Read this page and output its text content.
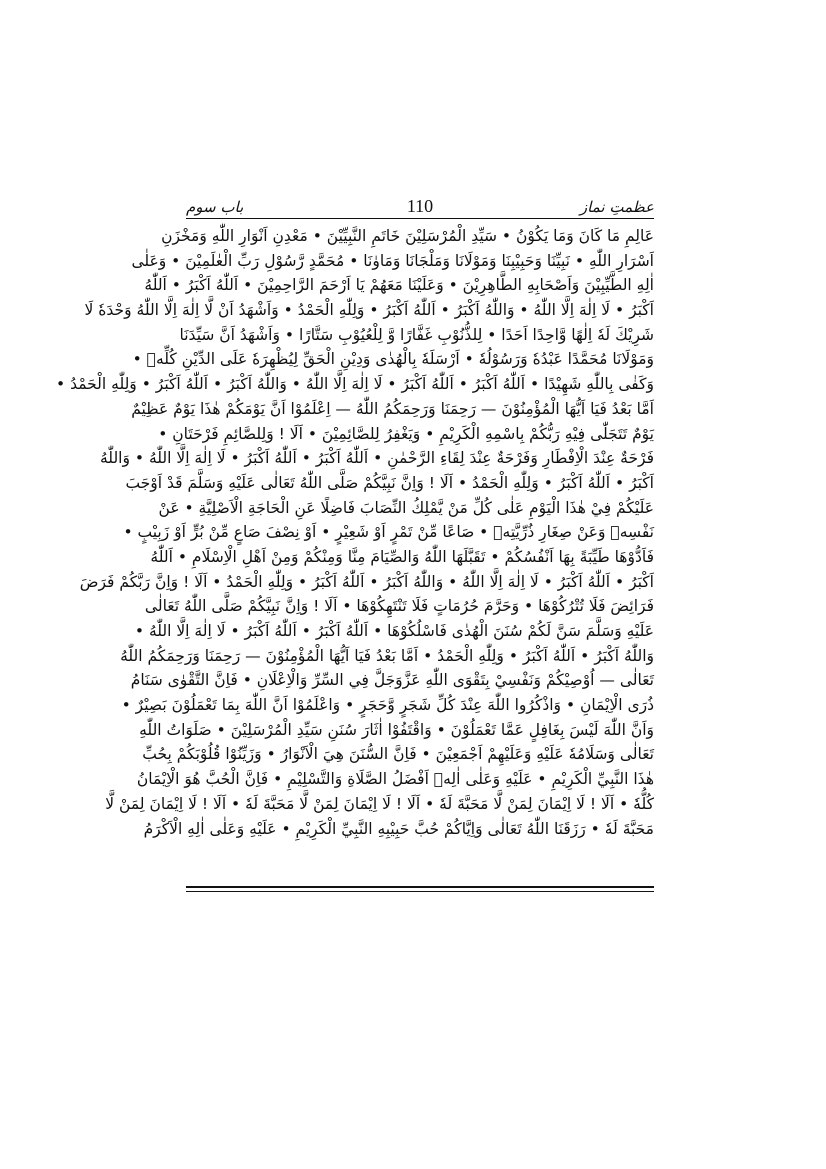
باب سوم	110	عظمتِ نماز
عَالِمِ مَا كَانَ وَمَا يَكُوْنُ • سَيِّدِ الْمُرْسَلِيْنَ خَاتَمِ النَّبِيِّيْنَ • مَعْدِنِ اَنْوَارِ اللّٰهِ وَمَخْزَنِ
اَسْرَارِ اللّٰهِ • نَبِيِّنَا وَحَبِيْبِنَا وَمَوْلَانَا وَمَلْجَانَا وَمَاوٰنَا • مُحَمَّدٍ رَّسُوْلِ رَبِّ الْعٰلَمِيْنَ • وَعَلٰى
اٰلِهِ الطَّيِّبِيْنَ وَاَصْحَابِهِ الطَّاهِرِيْنَ • وَعَلَيْنَا مَعَهُمْ يَا اَرْحَمَ الرَّاحِمِيْنَ • اَللّٰهُ اَكْبَرُ • اَللّٰهُ
اَكْبَرُ • لَا اِلٰهَ اِلَّا اللّٰهُ • وَاللّٰهُ اَكْبَرُ • اَللّٰهُ اَكْبَرُ • وَلِلّٰهِ الْحَمْدُ • وَاَشْهَدُ اَنْ لَّا اِلٰهَ اِلَّا اللّٰهُ وَحْدَهٗ لَا
شَرِيْكَ لَهٗ اِلٰهًا وَّاحِدًا اَحَدًا • لِلذُّنُوْبِ غَفَّارًا وَّ لِلْعُيُوْبِ سَتَّارًا • وَاَشْهَدُ اَنَّ سَيِّدَنَا
وَمَوْلَانَا مُحَمَّدًا عَبْدُهٗ وَرَسُوْلُهٗ • اَرْسَلَهٗ بِالْهُدٰى وَدِيْنِ الْحَقِّ لِيُظْهِرَهٗ عَلَى الدِّيْنِ كُلِّهٖ •
وَكَفٰى بِاللّٰهِ شَهِيْدًا • اَللّٰهُ اَكْبَرُ • اَللّٰهُ اَكْبَرُ • لَا اِلٰهَ اِلَّا اللّٰهُ • وَاللّٰهُ اَكْبَرُ • اَللّٰهُ اَكْبَرُ • وَلِلّٰهِ الْحَمْدُ •
اَمَّا بَعْدُ فَيَا اَيُّهَا الْمُؤْمِنُوْنَ — رَحِمَنَا وَرَحِمَكُمُ اللّٰهُ — اِعْلَمُوْا اَنَّ يَوْمَكُمْ هٰذَا يَوْمٌ عَظِيْمٌ
يَوْمٌ تَتَجَلّٰى فِيْهِ رَبُّكُمْ بِاسْمِهِ الْكَرِيْمِ • وَيَغْفِرُ لِلصَّائِمِيْنَ • اَلَا ! وَلِلصَّائِمِ فَرْحَتَانِ •
فَرْحَةٌ عِنْدَ الْاِفْطَارِ وَفَرْحَةٌ عِنْدَ لِقَاءِ الرَّحْمٰنِ • اَللّٰهُ اَكْبَرُ • اَللّٰهُ اَكْبَرُ • لَا اِلٰهَ اِلَّا اللّٰهُ • وَاللّٰهُ
اَكْبَرُ • اَللّٰهُ اَكْبَرُ • وَلِلّٰهِ الْحَمْدُ • اَلَا ! وَاِنَّ نَبِيَّكُمْ صَلَّى اللّٰهُ تَعَالٰى عَلَيْهِ وَسَلَّمَ قَدْ اَوْجَبَ
عَلَيْكُمْ فِيْ هٰذَا الْيَوْمِ عَلٰى كُلِّ مَنْ يَّمْلِكُ النِّصَابَ فَاضِلًا عَنِ الْحَاجَةِ الْاَصْلِيَّةِ • عَنْ
نَفْسِهٖ وَعَنْ صِغَارِ ذُرِّيَّتِهٖ • صَاعًا مِّنْ تَمْرٍ اَوْ شَعِيْرٍ • اَوْ نِصْفَ صَاعٍ مِّنْ بُرٍّ اَوْ زَبِيْبٍ •
فَاَدُّوْهَا طَيِّبَةً بِهَا اَنْفُسُكُمْ • تَقَبَّلَهَا اللّٰهُ وَالصِّيَامَ مِنَّا وَمِنْكُمْ وَمِنْ اَهْلِ الْاِسْلَامِ • اَللّٰهُ
اَكْبَرُ • اَللّٰهُ اَكْبَرُ • لَا اِلٰهَ اِلَّا اللّٰهُ • وَاللّٰهُ اَكْبَرُ • اَللّٰهُ اَكْبَرُ • وَلِلّٰهِ الْحَمْدُ • اَلَا ! وَاِنَّ رَبَّكُمْ فَرَضَ
فَرَائِضَ فَلَا تُتْرُكُوْهَا • وَحَرَّمَ حُرُمَاتٍ فَلَا تَنْتَهِكُوْهَا • اَلَا ! وَاِنَّ نَبِيَّكُمْ صَلَّى اللّٰهُ تَعَالٰى
عَلَيْهِ وَسَلَّمَ سَنَّ لَكُمْ سُنَنَ الْهُدٰى فَاسْلُكُوْهَا • اَللّٰهُ اَكْبَرُ • اَللّٰهُ اَكْبَرُ • لَا اِلٰهَ اِلَّا اللّٰهُ •
وَاللّٰهُ اَكْبَرُ • اَللّٰهُ اَكْبَرُ • وَلِلّٰهِ الْحَمْدُ • اَمَّا بَعْدُ فَيَا اَيُّهَا الْمُؤْمِنُوْنَ — رَحِمَنَا وَرَحِمَكُمُ اللّٰهُ
تَعَالٰى — اُوْصِيْكُمْ وَنَفْسِيْ بِتَقْوَى اللّٰهِ عَزَّوَجَلَّ فِي السِّرِّ وَالْاِعْلَانِ • فَاِنَّ التَّقْوٰى سَنَامُ
ذُرَى الْاِيْمَانِ • وَاذْكُرُوا اللّٰهَ عِنْدَ كُلِّ شَجَرٍ وَّحَجَرٍ • وَاعْلَمُوْا اَنَّ اللّٰهَ بِمَا تَعْمَلُوْنَ بَصِيْرٌ •
وَاَنَّ اللّٰهَ لَيْسَ بِغَافِلٍ عَمَّا تَعْمَلُوْنَ • وَاقْتَفُوْا اٰثَارَ سُنَنِ سَيِّدِ الْمُرْسَلِيْنَ • صَلَوَاتُ اللّٰهِ
تَعَالٰى وَسَلَامُهٗ عَلَيْهِ وَعَلَيْهِمْ اَجْمَعِيْنَ • فَاِنَّ السُّنَنَ هِيَ الْاَنْوَارُ • وَزَيِّنُوْا قُلُوْبَكُمْ بِحُبِّ
هٰذَا النَّبِيِّ الْكَرِيْمِ • عَلَيْهِ وَعَلٰى اٰلِهٖ اَفْضَلُ الصَّلَاةِ وَالتَّسْلِيْمِ • فَاِنَّ الْحُبَّ هُوَ الْاِيْمَانُ
كُلُّهٗ • اَلَا ! لَا اِيْمَانَ لِمَنْ لَّا مَحَبَّةَ لَهٗ • اَلَا ! لَا اِيْمَانَ لِمَنْ لَّا مَحَبَّةَ لَهٗ • اَلَا ! لَا اِيْمَانَ لِمَنْ لَّا
مَحَبَّةَ لَهٗ • رَزَقَنَا اللّٰهُ تَعَالٰى وَاِيَّاكُمْ حُبَّ حَبِيْبِهِ النَّبِيِّ الْكَرِيْمِ • عَلَيْهِ وَعَلٰى اٰلِهِ الْاَكْرَمُ
